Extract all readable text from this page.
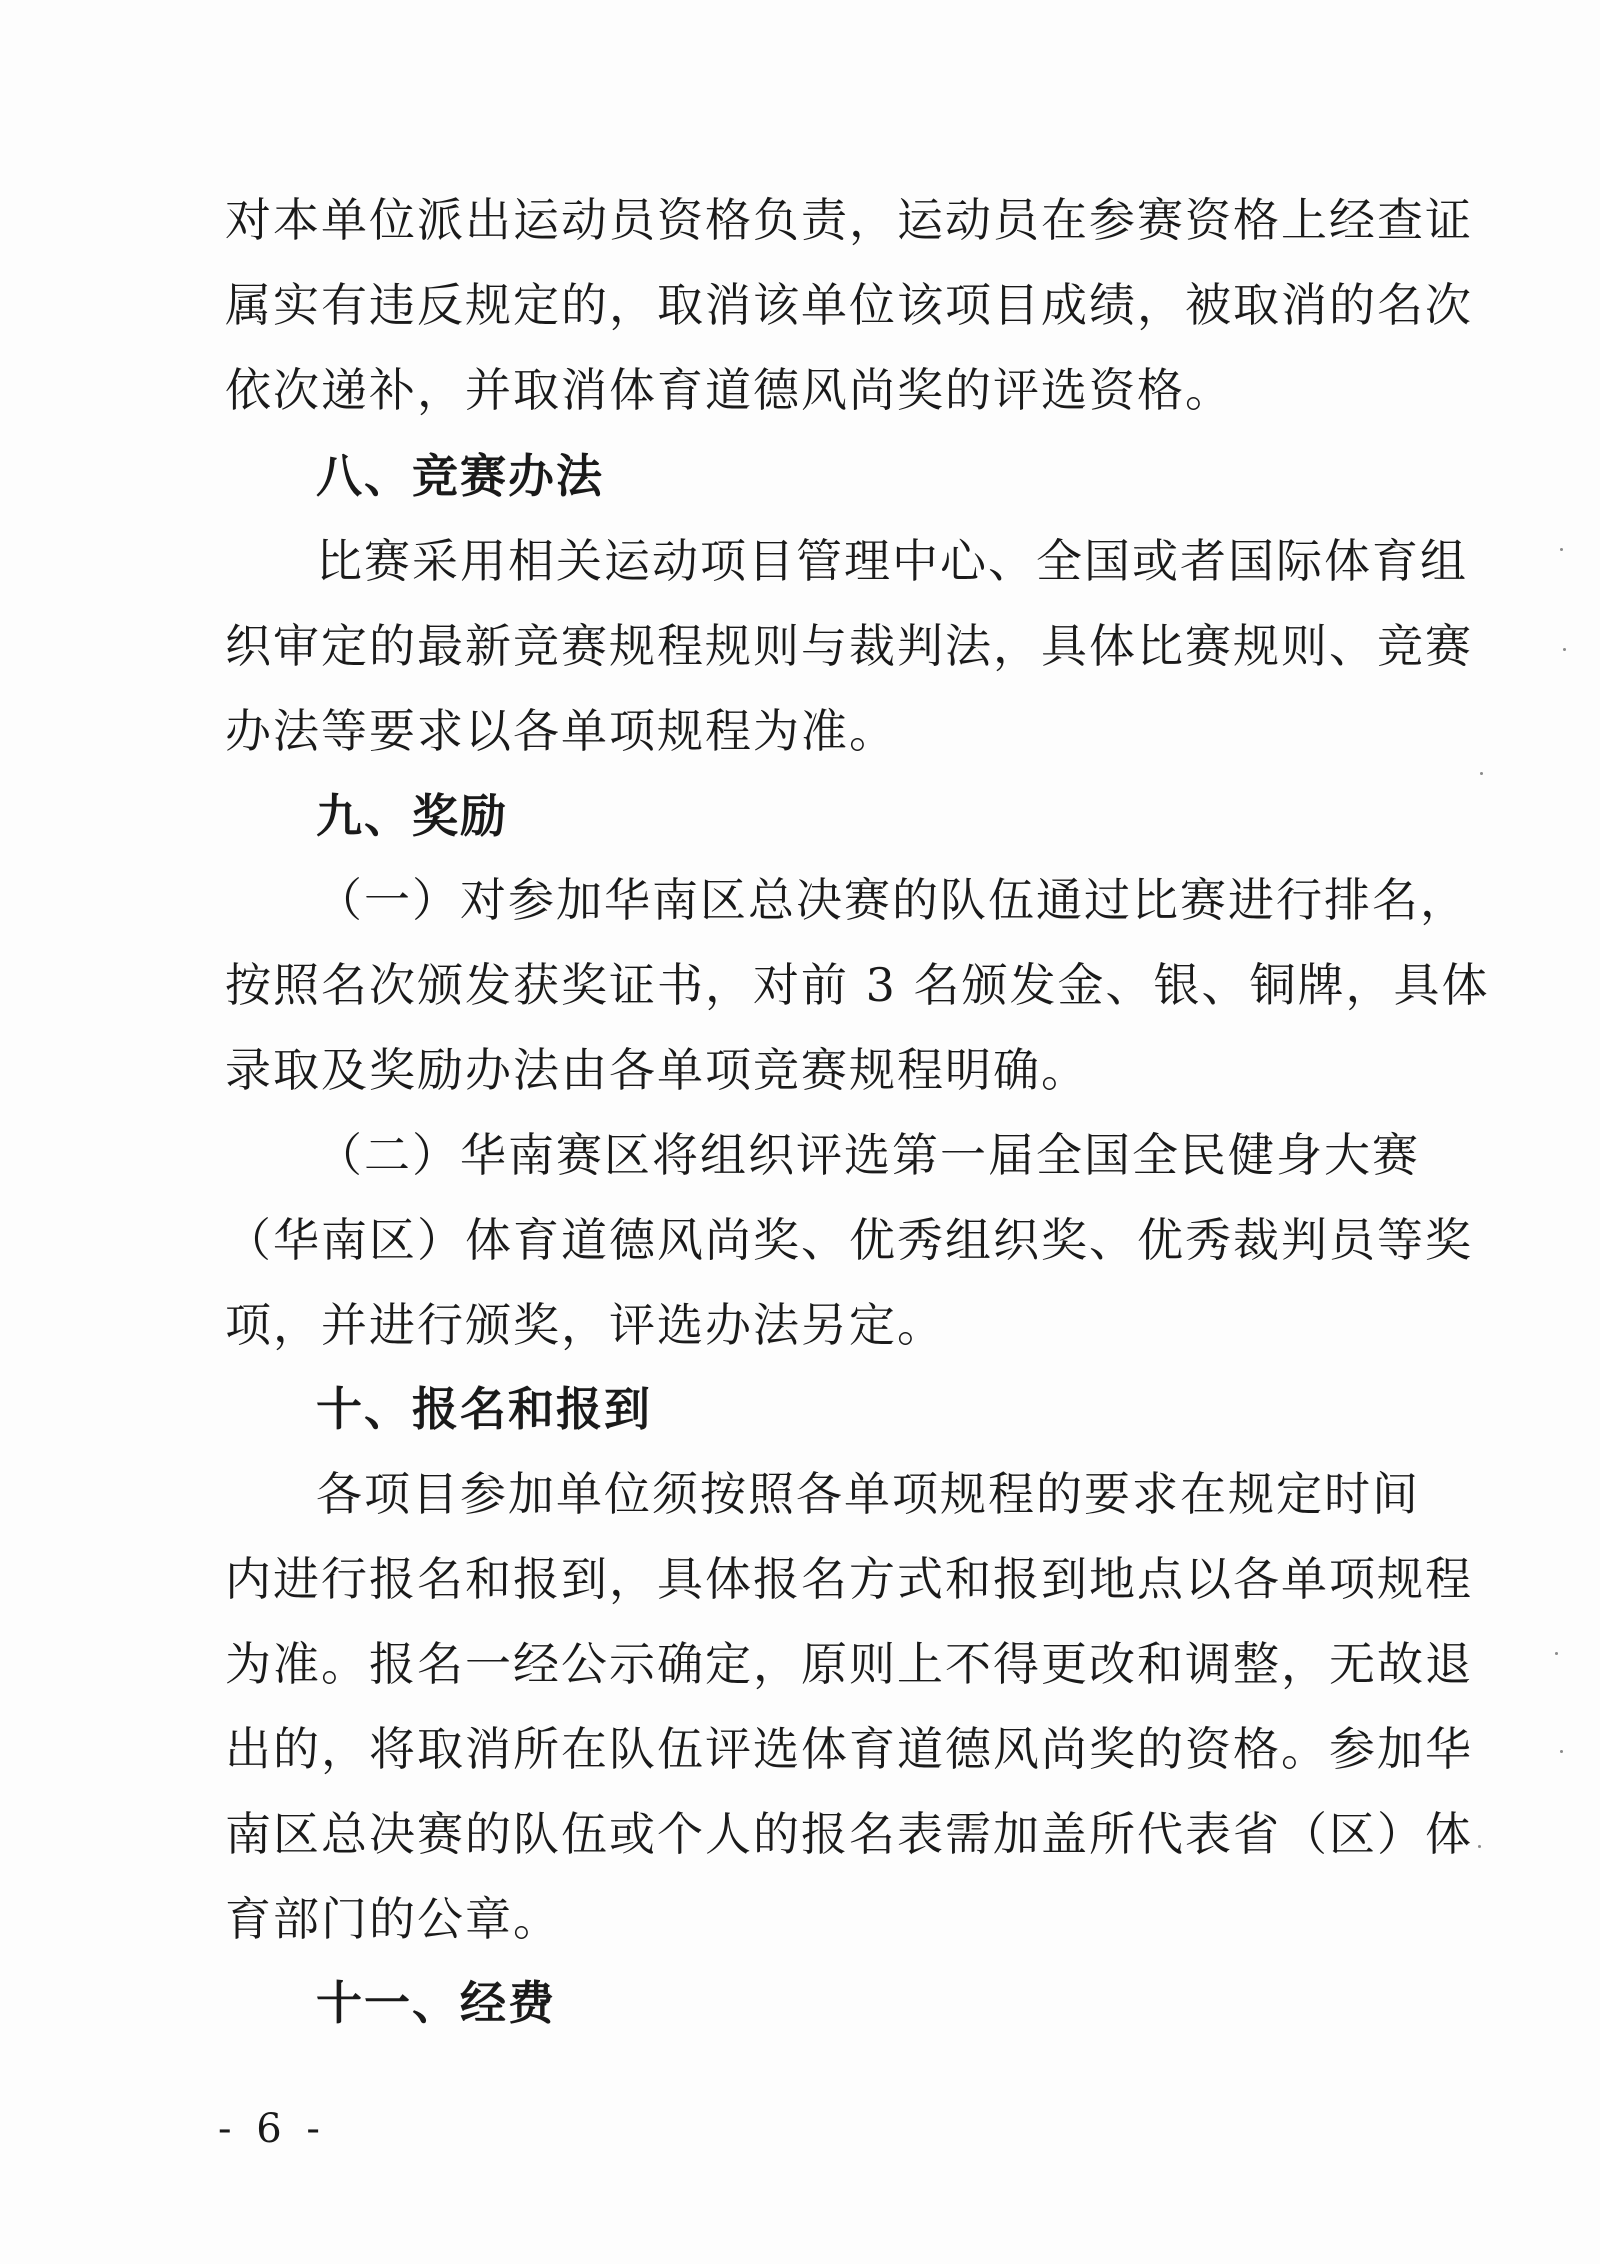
对本单位派出运动员资格负责，运动员在参赛资格上经查证
属实有违反规定的，取消该单位该项目成绩，被取消的名次
依次递补，并取消体育道德风尚奖的评选资格。
八、竞赛办法
比赛采用相关运动项目管理中心、全国或者国际体育组
织审定的最新竞赛规程规则与裁判法，具体比赛规则、竞赛
办法等要求以各单项规程为准。
九、奖励
（一）对参加华南区总决赛的队伍通过比赛进行排名，
按照名次颁发获奖证书，对前 3 名颁发金、银、铜牌，具体
录取及奖励办法由各单项竞赛规程明确。
（二）华南赛区将组织评选第一届全国全民健身大赛
（华南区）体育道德风尚奖、优秀组织奖、优秀裁判员等奖
项，并进行颁奖，评选办法另定。
十、报名和报到
各项目参加单位须按照各单项规程的要求在规定时间
内进行报名和报到，具体报名方式和报到地点以各单项规程
为准。报名一经公示确定，原则上不得更改和调整，无故退
出的，将取消所在队伍评选体育道德风尚奖的资格。参加华
南区总决赛的队伍或个人的报名表需加盖所代表省（区）体
育部门的公章。
十一、经费
- 6 -
